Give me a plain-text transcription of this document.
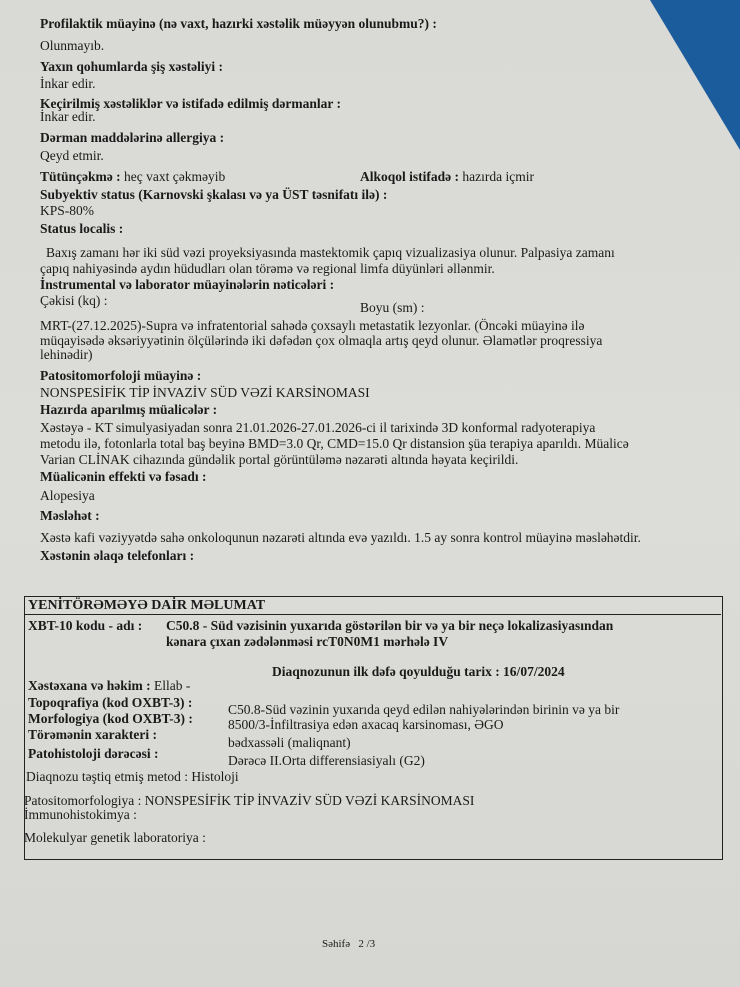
Profilaktik müayinə (nə vaxt, hazırki xəstəlik müəyyən olunubmu?) :
Olunmayıb.
Yaxın qohumlarda şiş xəstəliyi :
İnkar edir.
Keçirilmiş xəstəliklər və istifadə edilmiş dərmanlar :
İnkar edir.
Dərman maddələrinə allergiya :
Qeyd etmir.
Tütünçəkmə : heç vaxt çəkməyib	Alkoqol istifadə : hazırda içmir
Subyektiv status (Karnovski şkalası və ya ÜST təsnifatı ilə) :
KPS-80%
Status localis :
Baxış zamanı hər iki süd vəzi proyeksiyasında mastektomik çapıq vizualizasiya olunur. Palpasiya zamanı
çapıq nahiyəsində aydın hüdudları olan törəmə və regional limfa düyünləri əllənmir.
İnstrumental və laborator müayinələrin nəticələri :
Çəkisi (kq) :	Boyu (sm) :
MRT-(27.12.2025)-Supra və infratentorial sahədə çoxsaylı metastatik lezyonlar. (Öncəki müayinə ilə
müqayisədə əksəriyyətinin ölçülərində iki dəfədən çox olmaqla artış qeyd olunur. Əlamətlər proqressiya
lehinədir)
Patositomorfoloji müayinə :
NONSPESİFİK TİP İNVAZİV SÜD VƏZİ KARSİNOMASI
Hazırda aparılmış müalicələr :
Xəstəyə - KT simulyasiyadan sonra 21.01.2026-27.01.2026-ci il tarixində 3D konformal radyoterapiya
metodu ilə, fotonlarla total baş beyinə BMD=3.0 Qr, CMD=15.0 Qr distansion şüa terapiya aparıldı. Müalicə
Varian CLİNAK cihazında gündəlik portal görüntüləmə nəzarəti altında həyata keçirildi.
Müalicənin effekti və fəsadı :
Alopesiya
Məsləhət :
Xəstə kafi vəziyyətdə sahə onkoloqunun nəzarəti altında evə yazıldı. 1.5 ay sonra kontrol müayinə məsləhətdir.
Xəstənin əlaqə telefonları :
YENİTÖRƏMƏYƏ DAİR MƏLUMAT
XBT-10 kodu - adı : C50.8 - Süd vəzisinin yuxarıda göstərilən bir və ya bir neçə lokalizasiyasından
kənara çıxan zədələnməsi rcT0N0M1 mərhələ IV
Diaqnozunun ilk dəfə qoyulduğu tarix : 16/07/2024
Xəstəxana və həkim : Ellab -
Topoqrafiya (kod OXBT-3) :	C50.8-Süd vəzinin yuxarıda qeyd edilən nahiyələrindən birinin və ya bir
Morfologiya (kod OXBT-3) :	8500/3-İnfiltrasiya edən axacaq karsinoması, ƏGO
Törəmənin xarakteri :
bədxassəli (maliqnant)
Patohistoloji dərəcəsi :	Dərəcə II.Orta differensiasiyalı (G2)
Diaqnozu təştiq etmiş metod : Histoloji
Patositomorfologiya : NONSPESİFİK TİP İNVAZİV SÜD VƏZİ KARSİNOMASI
İmmunohistokimya :
Molekulyar genetik laboratoriya :
Səhifə   2 /3
